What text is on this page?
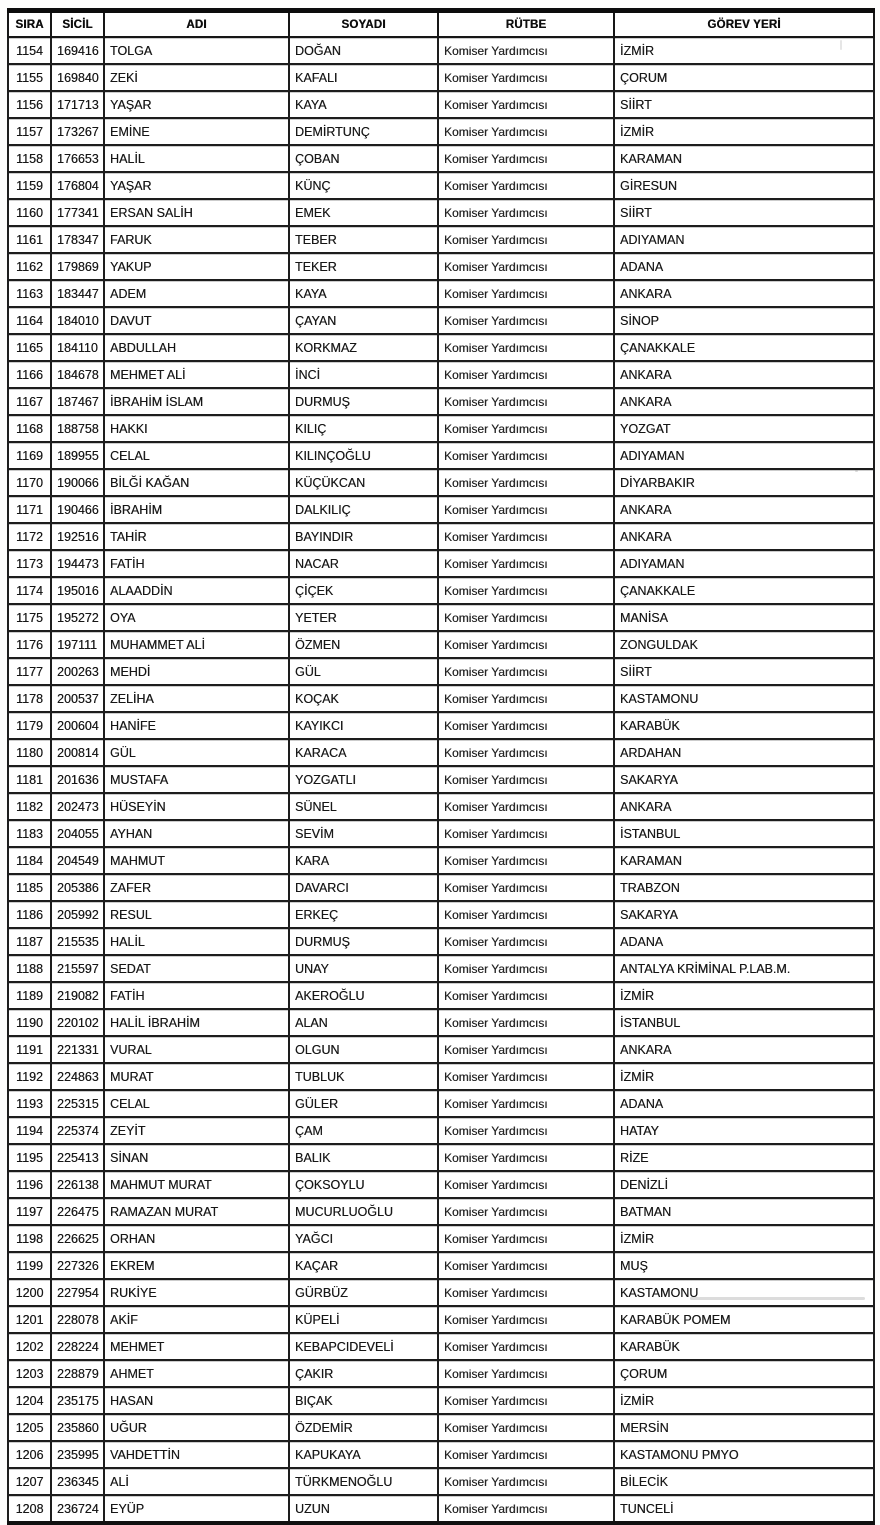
SIRA	SİCİL	ADI	SOYADI	RÜTBE	GÖREV YERİ
1154	169416	TOLGA	DOĞAN	Komiser Yardımcısı	İZMİR
1155	169840	ZEKİ	KAFALI	Komiser Yardımcısı	ÇORUM
1156	171713	YAŞAR	KAYA	Komiser Yardımcısı	SİİRT
1157	173267	EMİNE	DEMİRTUNÇ	Komiser Yardımcısı	İZMİR
1158	176653	HALİL	ÇOBAN	Komiser Yardımcısı	KARAMAN
1159	176804	YAŞAR	KÜNÇ	Komiser Yardımcısı	GİRESUN
1160	177341	ERSAN SALİH	EMEK	Komiser Yardımcısı	SİİRT
1161	178347	FARUK	TEBER	Komiser Yardımcısı	ADIYAMAN
1162	179869	YAKUP	TEKER	Komiser Yardımcısı	ADANA
1163	183447	ADEM	KAYA	Komiser Yardımcısı	ANKARA
1164	184010	DAVUT	ÇAYAN	Komiser Yardımcısı	SİNOP
1165	184110	ABDULLAH	KORKMAZ	Komiser Yardımcısı	ÇANAKKALE
1166	184678	MEHMET ALİ	İNCİ	Komiser Yardımcısı	ANKARA
1167	187467	İBRAHİM İSLAM	DURMUŞ	Komiser Yardımcısı	ANKARA
1168	188758	HAKKI	KILIÇ	Komiser Yardımcısı	YOZGAT
1169	189955	CELAL	KILINÇOĞLU	Komiser Yardımcısı	ADIYAMAN
1170	190066	BİLĞİ KAĞAN	KÜÇÜKCAN	Komiser Yardımcısı	DİYARBAKIR
1171	190466	İBRAHİM	DALKILIÇ	Komiser Yardımcısı	ANKARA
1172	192516	TAHİR	BAYINDIR	Komiser Yardımcısı	ANKARA
1173	194473	FATİH	NACAR	Komiser Yardımcısı	ADIYAMAN
1174	195016	ALAADDİN	ÇİÇEK	Komiser Yardımcısı	ÇANAKKALE
1175	195272	OYA	YETER	Komiser Yardımcısı	MANİSA
1176	197111	MUHAMMET ALİ	ÖZMEN	Komiser Yardımcısı	ZONGULDAK
1177	200263	MEHDİ	GÜL	Komiser Yardımcısı	SİİRT
1178	200537	ZELİHA	KOÇAK	Komiser Yardımcısı	KASTAMONU
1179	200604	HANİFE	KAYIKCI	Komiser Yardımcısı	KARABÜK
1180	200814	GÜL	KARACA	Komiser Yardımcısı	ARDAHAN
1181	201636	MUSTAFA	YOZGATLI	Komiser Yardımcısı	SAKARYA
1182	202473	HÜSEYİN	SÜNEL	Komiser Yardımcısı	ANKARA
1183	204055	AYHAN	SEVİM	Komiser Yardımcısı	İSTANBUL
1184	204549	MAHMUT	KARA	Komiser Yardımcısı	KARAMAN
1185	205386	ZAFER	DAVARCI	Komiser Yardımcısı	TRABZON
1186	205992	RESUL	ERKEÇ	Komiser Yardımcısı	SAKARYA
1187	215535	HALİL	DURMUŞ	Komiser Yardımcısı	ADANA
1188	215597	SEDAT	UNAY	Komiser Yardımcısı	ANTALYA KRİMİNAL P.LAB.M.
1189	219082	FATİH	AKEROĞLU	Komiser Yardımcısı	İZMİR
1190	220102	HALİL İBRAHİM	ALAN	Komiser Yardımcısı	İSTANBUL
1191	221331	VURAL	OLGUN	Komiser Yardımcısı	ANKARA
1192	224863	MURAT	TUBLUK	Komiser Yardımcısı	İZMİR
1193	225315	CELAL	GÜLER	Komiser Yardımcısı	ADANA
1194	225374	ZEYİT	ÇAM	Komiser Yardımcısı	HATAY
1195	225413	SİNAN	BALIK	Komiser Yardımcısı	RİZE
1196	226138	MAHMUT MURAT	ÇOKSOYLU	Komiser Yardımcısı	DENİZLİ
1197	226475	RAMAZAN MURAT	MUCURLUOĞLU	Komiser Yardımcısı	BATMAN
1198	226625	ORHAN	YAĞCI	Komiser Yardımcısı	İZMİR
1199	227326	EKREM	KAÇAR	Komiser Yardımcısı	MUŞ
1200	227954	RUKİYE	GÜRBÜZ	Komiser Yardımcısı	KASTAMONU
1201	228078	AKİF	KÜPELİ	Komiser Yardımcısı	KARABÜK POMEM
1202	228224	MEHMET	KEBAPCIDEVELİ	Komiser Yardımcısı	KARABÜK
1203	228879	AHMET	ÇAKIR	Komiser Yardımcısı	ÇORUM
1204	235175	HASAN	BIÇAK	Komiser Yardımcısı	İZMİR
1205	235860	UĞUR	ÖZDEMİR	Komiser Yardımcısı	MERSİN
1206	235995	VAHDETTİN	KAPUKAYA	Komiser Yardımcısı	KASTAMONU PMYO
1207	236345	ALİ	TÜRKMENOĞLU	Komiser Yardımcısı	BİLECİK
1208	236724	EYÜP	UZUN	Komiser Yardımcısı	TUNCELİ
